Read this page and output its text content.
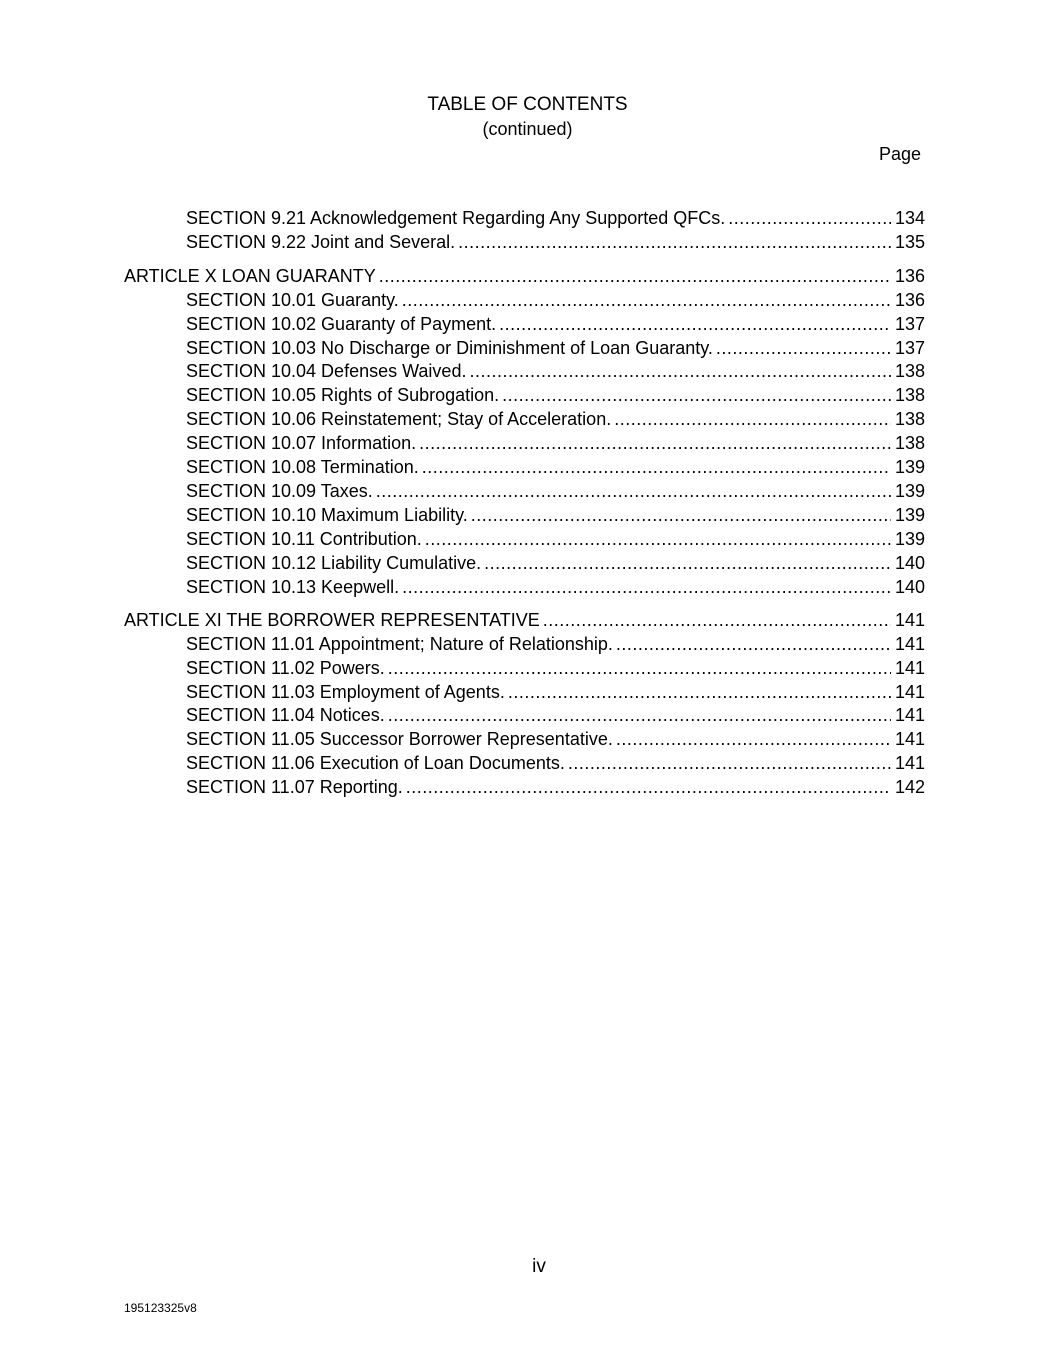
TABLE OF CONTENTS
(continued)
Page
SECTION 9.21 Acknowledgement Regarding Any Supported QFCs. .....	134
SECTION 9.22 Joint and Several. .....	135
ARTICLE X LOAN GUARANTY .....	136
SECTION 10.01 Guaranty. .....	136
SECTION 10.02 Guaranty of Payment. .....	137
SECTION 10.03 No Discharge or Diminishment of Loan Guaranty. .....	137
SECTION 10.04 Defenses Waived. .....	138
SECTION 10.05 Rights of Subrogation. .....	138
SECTION 10.06 Reinstatement; Stay of Acceleration. .....	138
SECTION 10.07 Information. .....	138
SECTION 10.08 Termination. .....	139
SECTION 10.09 Taxes. .....	139
SECTION 10.10 Maximum Liability. .....	139
SECTION 10.11 Contribution. .....	139
SECTION 10.12 Liability Cumulative. .....	140
SECTION 10.13 Keepwell. .....	140
ARTICLE XI THE BORROWER REPRESENTATIVE .....	141
SECTION 11.01 Appointment; Nature of Relationship. .....	141
SECTION 11.02 Powers. .....	141
SECTION 11.03 Employment of Agents. .....	141
SECTION 11.04 Notices. .....	141
SECTION 11.05 Successor Borrower Representative. .....	141
SECTION 11.06 Execution of Loan Documents. .....	141
SECTION 11.07 Reporting. .....	142
iv
195123325v8
